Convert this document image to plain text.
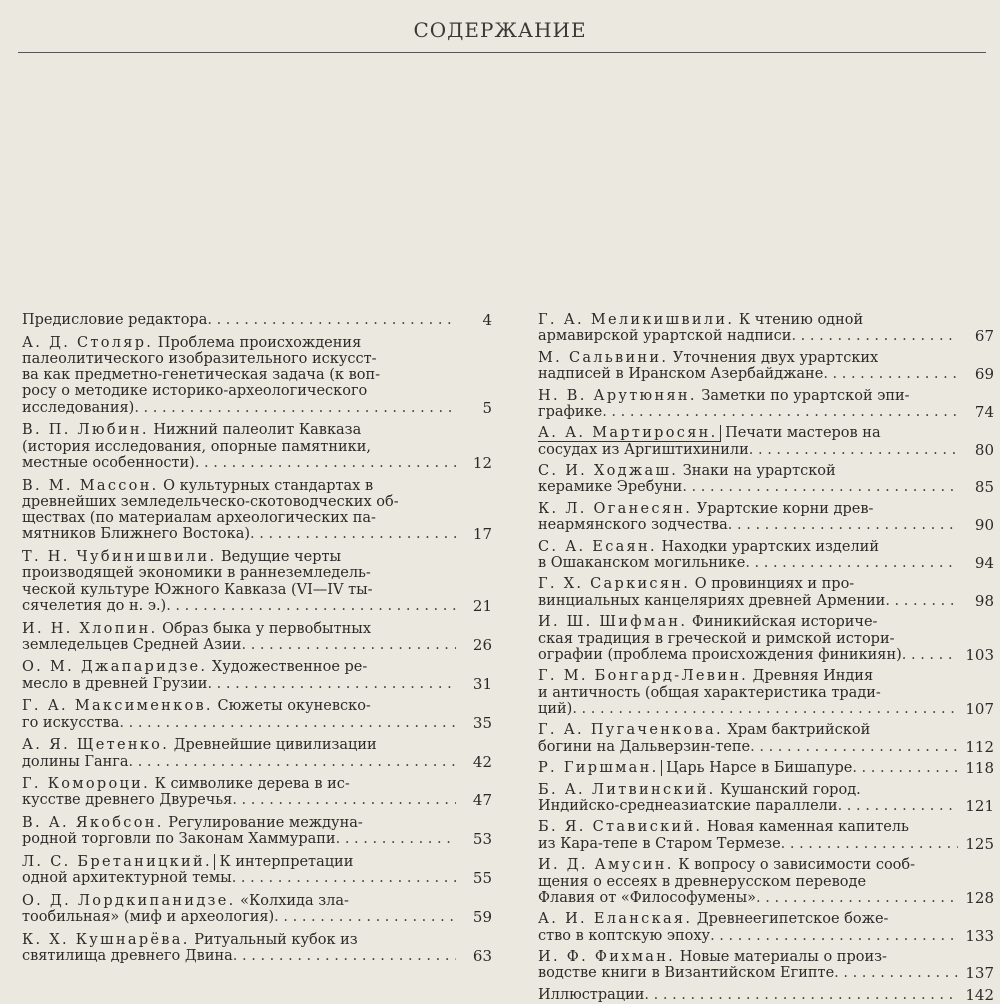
СОДЕРЖАНИЕ
Предисловие редактора . . .	4
А. Д. Столяр. Проблема происхождения
палеолитического изобразительного искусст-
ва как предметно-генетическая задача (к воп-
росу о методике историко-археологического
исследования) . . .	5
В. П. Любин. Нижний палеолит Кавказа
(история исследования, опорные памятники,
местные особенности) . . .	12
В. М. Массон. О культурных стандартах в
древнейших земледельческо-скотоводческих об-
ществах (по материалам археологических па-
мятников Ближнего Востока) . . .	17
Т. Н. Чубинишвили. Ведущие черты
производящей экономики в раннеземледель-
ческой культуре Южного Кавказа (VI—IV ты-
сячелетия до н. э.) . . .	21
И. Н. Хлопин. Образ быка у первобытных
земледельцев Средней Азии . . .	26
О. М. Джапаридзе. Художественное ре-
месло в древней Грузии . . .	31
Г. А. Максименков. Сюжеты окуневско-
го искусства . . .	35
А. Я. Щетенко. Древнейшие цивилизации
долины Ганга . . .	42
Г. Комороци. К символике дерева в ис-
кусстве древнего Двуречья . . .	47
В. А. Якобсон. Регулирование междуна-
родной торговли по Законам Хаммурапи . . .	53
Л. С. Бретаницкий. К интерпретации
одной архитектурной темы . . .	55
О. Д. Лордкипанидзе. «Колхида зла-
тообильная» (миф и археология) . . .	59
К. Х. Кушнарёва. Ритуальный кубок из
святилища древнего Двина . . .	63
Г. А. Меликишвили. К чтению одной
армавирской урартской надписи . . .	67
М. Сальвини. Уточнения двух урартских
надписей в Иранском Азербайджане . . .	69
Н. В. Арутюнян. Заметки по урартской эпи-
графике . . .	74
А. А. Мартиросян. Печати мастеров на
сосудах из Аргиштихинили . . .	80
С. И. Ходжаш. Знаки на урартской
керамике Эребуни . . .	85
К. Л. Оганесян. Урартские корни древ-
неармянского зодчества . . .	90
С. А. Есаян. Находки урартских изделий
в Ошаканском могильнике . . .	94
Г. Х. Саркисян. О провинциях и про-
винциальных канцеляриях древней Армении . . .	98
И. Ш. Шифман. Финикийская историче-
ская традиция в греческой и римской истори-
ографии (проблема происхождения финикиян) . . .	103
Г. М. Бонгард-Левин. Древняя Индия
и античность (общая характеристика тради-
ций) . . .	107
Г. А. Пугаченкова. Храм бактрийской
богини на Дальверзин-тепе . . .	112
Р. Гиршман. Царь Нарсе в Бишапуре . . .	118
Б. А. Литвинский. Кушанский город.
Индийско-среднеазиатские параллели . . .	121
Б. Я. Ставиский. Новая каменная капитель
из Кара-тепе в Старом Термезе . . .	125
И. Д. Амусин. К вопросу о зависимости сооб-
щения о ессеях в древнерусском переводе
Флавия от «Философумены» . . .	128
А. И. Еланская. Древнеегипетское боже-
ство в коптскую эпоху . . .	133
И. Ф. Фихман. Новые материалы о произ-
водстве книги в Византийском Египте . . .	137
Иллюстрации . . .	142
